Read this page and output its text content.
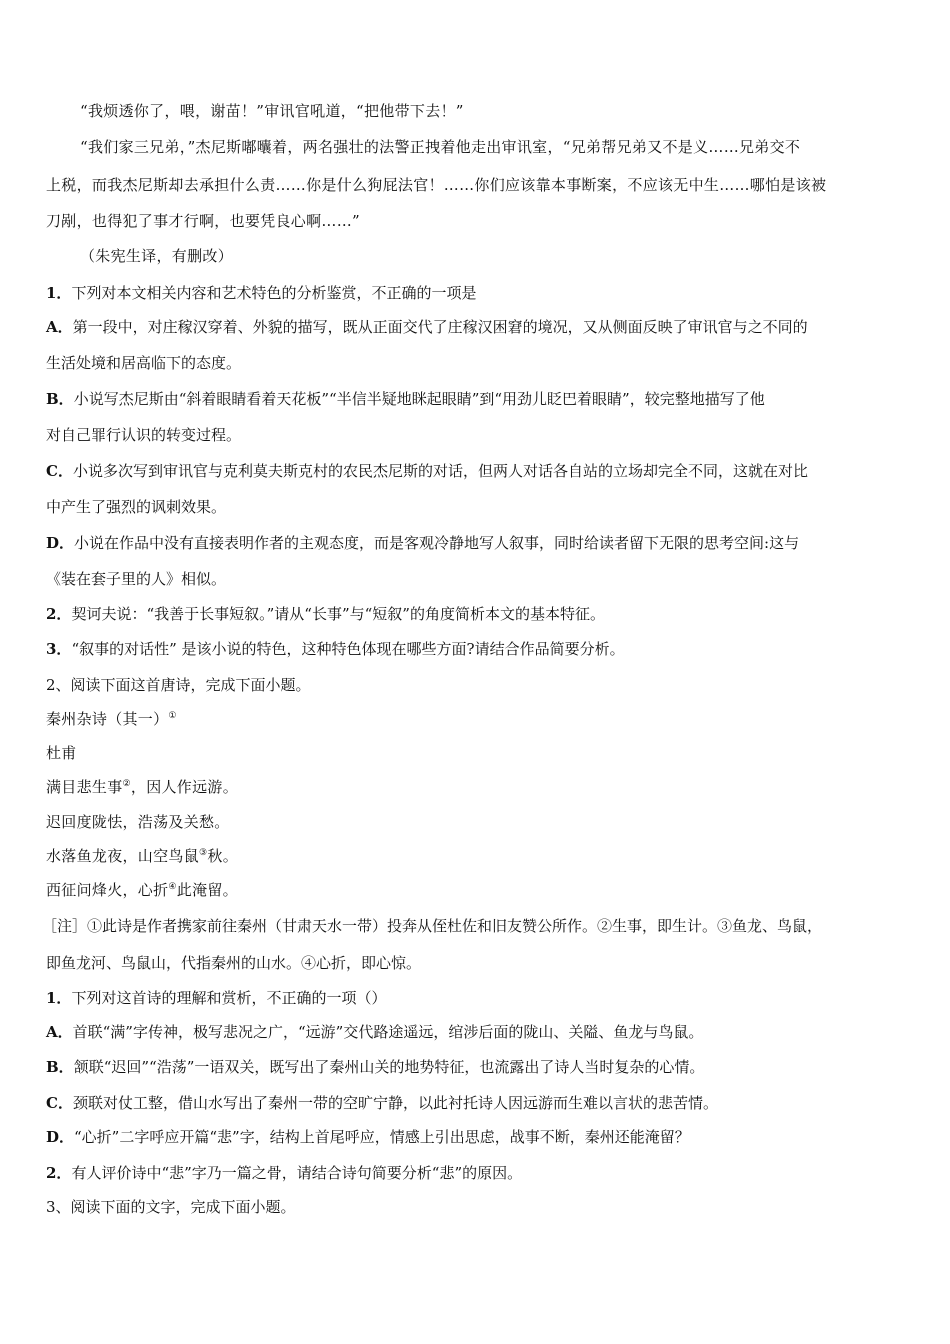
“我烦透你了，喂，谢苗！”审讯官吼道，“把他带下去！”
“我们家三兄弟，”杰尼斯嘟囔着，两名强壮的法警正拽着他走出审讯室，“兄弟帮兄弟又不是义……兄弟交不
上税，而我杰尼斯却去承担什么责……你是什么狗屁法官！……你们应该靠本事断案，不应该无中生……哪怕是该被
刀剐，也得犯了事才行啊，也要凭良心啊……”
（朱宪生译，有删改）
1．下列对本文相关内容和艺术特色的分析鉴赏，不正确的一项是
A．第一段中，对庄稼汉穿着、外貌的描写，既从正面交代了庄稼汉困窘的境况，又从侧面反映了审讯官与之不同的
生活处境和居高临下的态度。
B．小说写杰尼斯由“斜着眼睛看着天花板”“半信半疑地眯起眼睛”到“用劲儿眨巴着眼睛”，较完整地描写了他
对自己罪行认识的转变过程。
C．小说多次写到审讯官与克利莫夫斯克村的农民杰尼斯的对话，但两人对话各自站的立场却完全不同，这就在对比
中产生了强烈的讽刺效果。
D．小说在作品中没有直接表明作者的主观态度，而是客观冷静地写人叙事，同时给读者留下无限的思考空间:这与
《装在套子里的人》相似。
2．契诃夫说：“我善于长事短叙。”请从“长事”与“短叙”的角度简析本文的基本特征。
3．“叙事的对话性” 是该小说的特色，这种特色体现在哪些方面?请结合作品简要分析。
2、阅读下面这首唐诗，完成下面小题。
秦州杂诗（其一）①
杜甫
满目悲生事②，因人作远游。
迟回度陇怯，浩荡及关愁。
水落鱼龙夜，山空鸟鼠③秋。
西征问烽火，心折④此淹留。
［注］①此诗是作者携家前往秦州（甘肃天水一带）投奔从侄杜佐和旧友赞公所作。②生事，即生计。③鱼龙、鸟鼠，
即鱼龙河、鸟鼠山，代指秦州的山水。④心折，即心惊。
1．下列对这首诗的理解和赏析，不正确的一项（）
A．首联“满”字传神，极写悲况之广，“远游”交代路途遥远，绾涉后面的陇山、关隘、鱼龙与鸟鼠。
B．颔联“迟回”“浩荡”一语双关，既写出了秦州山关的地势特征，也流露出了诗人当时复杂的心情。
C．颈联对仗工整，借山水写出了秦州一带的空旷宁静，以此衬托诗人因远游而生难以言状的悲苦情。
D．“心折”二字呼应开篇“悲”字，结构上首尾呼应，情感上引出思虑，战事不断，秦州还能淹留？
2．有人评价诗中“悲”字乃一篇之骨，请结合诗句简要分析“悲”的原因。
3、阅读下面的文字，完成下面小题。
